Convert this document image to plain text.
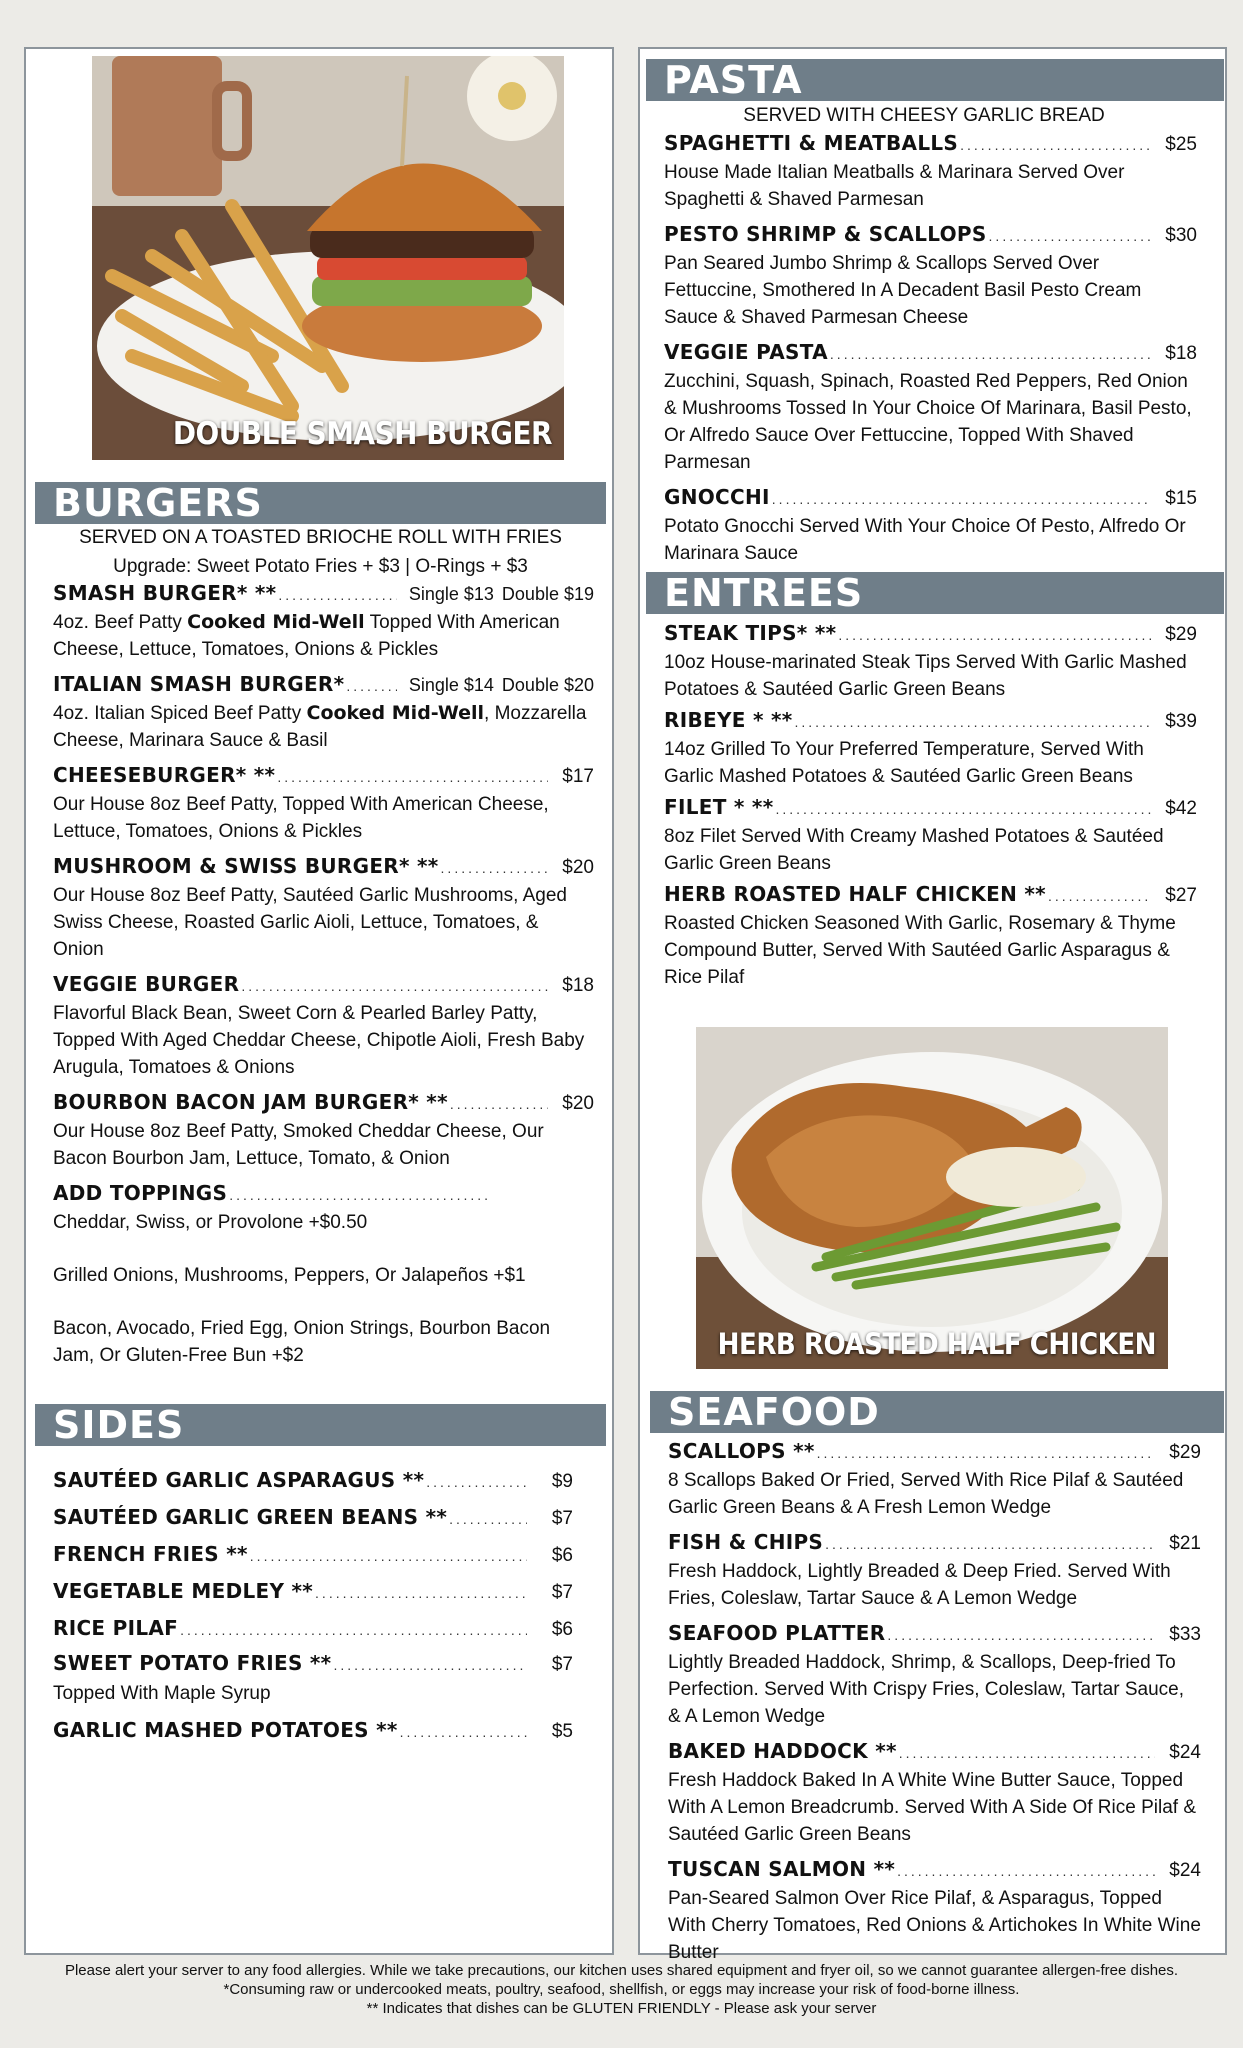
DOUBLE SMASH BURGER
BURGERS
SERVED ON A TOASTED BRIOCHE ROLL WITH FRIES
Upgrade: Sweet Potato Fries + $3 | O-Rings + $3
SMASH BURGER* ** .....	Single $13 Double $19
4oz. Beef Patty Cooked Mid-Well Topped With American Cheese, Lettuce, Tomatoes, Onions & Pickles
ITALIAN SMASH BURGER* .....	Single $14 Double $20
4oz. Italian Spiced Beef Patty Cooked Mid-Well, Mozzarella Cheese, Marinara Sauce & Basil
CHEESEBURGER* ** .....	$17
Our House 8oz Beef Patty, Topped With American Cheese, Lettuce, Tomatoes, Onions & Pickles
MUSHROOM & SWISS BURGER* ** .....	$20
Our House 8oz Beef Patty, Sautéed Garlic Mushrooms, Aged Swiss Cheese, Roasted Garlic Aioli, Lettuce, Tomatoes, & Onion
VEGGIE BURGER .....	$18
Flavorful Black Bean, Sweet Corn & Pearled Barley Patty, Topped With Aged Cheddar Cheese, Chipotle Aioli, Fresh Baby Arugula, Tomatoes & Onions
BOURBON BACON JAM BURGER* ** .....	$20
Our House 8oz Beef Patty, Smoked Cheddar Cheese, Our Bacon Bourbon Jam, Lettuce, Tomato, & Onion
ADD TOPPINGS
.....
Cheddar, Swiss, or Provolone +$0.50
Grilled Onions, Mushrooms, Peppers, Or Jalapeños +$1
Bacon, Avocado, Fried Egg, Onion Strings, Bourbon Bacon Jam, Or Gluten-Free Bun +$2
SIDES
SAUTÉED GARLIC ASPARAGUS ** .....	$9
SAUTÉED GARLIC GREEN BEANS ** .....	$7
FRENCH FRIES ** .....	$6
VEGETABLE MEDLEY ** .....	$7
RICE PILAF .....	$6
SWEET POTATO FRIES ** .....	$7
Topped With Maple Syrup
GARLIC MASHED POTATOES ** .....	$5
PASTA
SERVED WITH CHEESY GARLIC BREAD
SPAGHETTI & MEATBALLS .....	$25
House Made Italian Meatballs & Marinara Served Over Spaghetti & Shaved Parmesan
PESTO SHRIMP & SCALLOPS .....	$30
Pan Seared Jumbo Shrimp & Scallops Served Over Fettuccine, Smothered In A Decadent Basil Pesto Cream Sauce & Shaved Parmesan Cheese
VEGGIE PASTA .....	$18
Zucchini, Squash, Spinach, Roasted Red Peppers, Red Onion & Mushrooms Tossed In Your Choice Of Marinara, Basil Pesto, Or Alfredo Sauce Over Fettuccine, Topped With Shaved Parmesan
GNOCCHI .....	$15
Potato Gnocchi Served With Your Choice Of Pesto, Alfredo Or Marinara Sauce
ENTREES
STEAK TIPS* ** .....	$29
10oz House-marinated Steak Tips Served With Garlic Mashed Potatoes & Sautéed Garlic Green Beans
RIBEYE * ** .....	$39
14oz Grilled To Your Preferred Temperature, Served With Garlic Mashed Potatoes & Sautéed Garlic Green Beans
FILET * ** .....	$42
8oz Filet Served With Creamy Mashed Potatoes & Sautéed Garlic Green Beans
HERB ROASTED HALF CHICKEN ** .....	$27
Roasted Chicken Seasoned With Garlic, Rosemary & Thyme Compound Butter, Served With Sautéed Garlic Asparagus & Rice Pilaf
HERB ROASTED HALF CHICKEN
SEAFOOD
SCALLOPS ** .....	$29
8 Scallops Baked Or Fried, Served With Rice Pilaf & Sautéed Garlic Green Beans & A Fresh Lemon Wedge
FISH & CHIPS .....	$21
Fresh Haddock, Lightly Breaded & Deep Fried. Served With Fries, Coleslaw, Tartar Sauce & A Lemon Wedge
SEAFOOD PLATTER .....	$33
Lightly Breaded Haddock, Shrimp, & Scallops, Deep-fried To Perfection. Served With Crispy Fries, Coleslaw, Tartar Sauce, & A Lemon Wedge
BAKED HADDOCK ** .....	$24
Fresh Haddock Baked In A White Wine Butter Sauce, Topped With A Lemon Breadcrumb. Served With A Side Of Rice Pilaf & Sautéed Garlic Green Beans
TUSCAN SALMON ** .....	$24
Pan-Seared Salmon Over Rice Pilaf, & Asparagus, Topped With Cherry Tomatoes, Red Onions & Artichokes In White Wine Butter
Please alert your server to any food allergies. While we take precautions, our kitchen uses shared equipment and fryer oil, so we cannot guarantee allergen-free dishes.
*Consuming raw or undercooked meats, poultry, seafood, shellfish, or eggs may increase your risk of food-borne illness.
** Indicates that dishes can be GLUTEN FRIENDLY - Please ask your server
